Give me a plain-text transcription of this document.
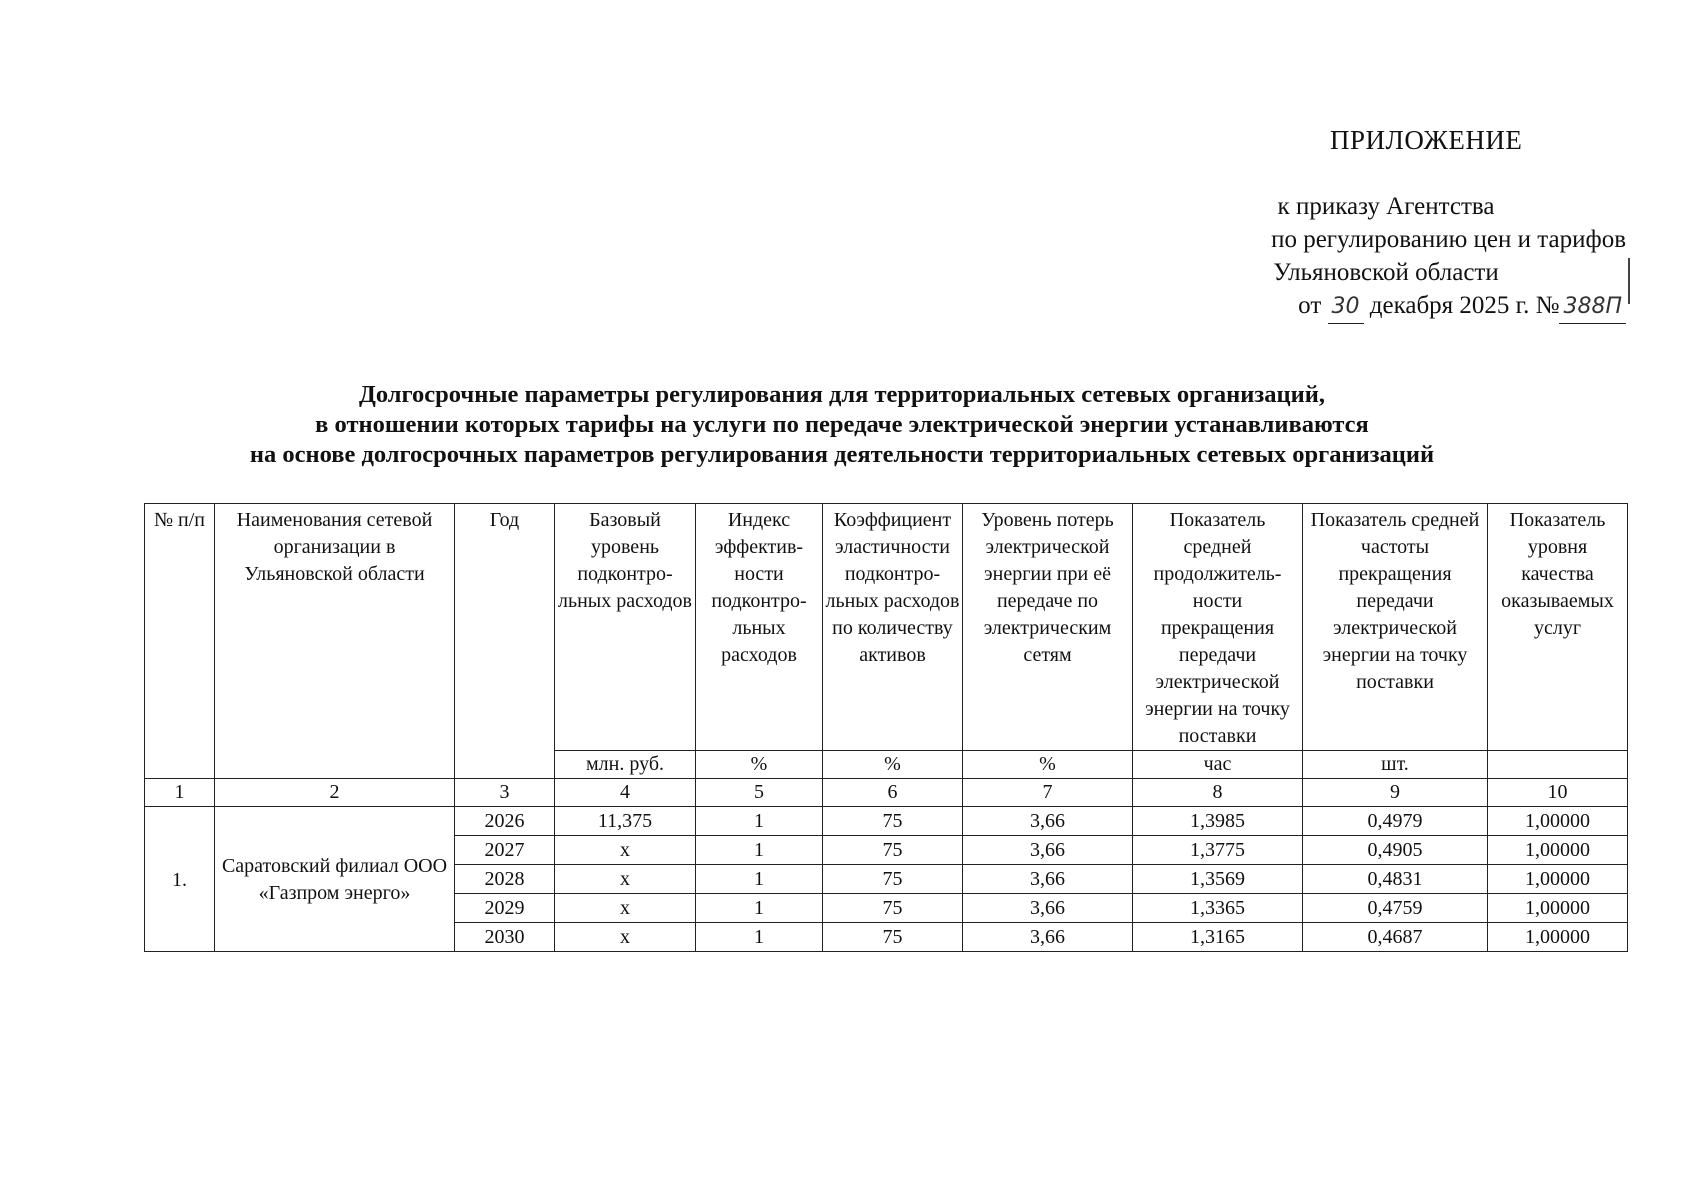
ПРИЛОЖЕНИЕ
к приказу Агентства
по регулированию цен и тарифов
Ульяновской области
от 30 декабря 2025 г. № 388П
Долгосрочные параметры регулирования для территориальных сетевых организаций,
в отношении которых тарифы на услуги по передаче электрической энергии устанавливаются
на основе долгосрочных параметров регулирования деятельности территориальных сетевых организаций
№ п/п	Наименования сетевой организации в Ульяновской области	Год	Базовый уровень подконтро-льных расходов	Индекс эффектив-ности подконтро-льных расходов	Коэффициент эластичности подконтро-льных расходов по количеству активов	Уровень потерь электрической энергии при её передаче по электрическим сетям	Показатель средней продолжитель-ности прекращения передачи электрической энергии на точку поставки	Показатель средней частоты прекращения передачи электрической энергии на точку поставки	Показатель уровня качества оказываемых услуг
			млн. руб.	%	%	%	час	шт.	
1	2	3	4	5	6	7	8	9	10
1.	Саратовский филиал ООО «Газпром энерго»	2026	11,375	1	75	3,66	1,3985	0,4979	1,00000
		2027	x	1	75	3,66	1,3775	0,4905	1,00000
		2028	x	1	75	3,66	1,3569	0,4831	1,00000
		2029	x	1	75	3,66	1,3365	0,4759	1,00000
		2030	x	1	75	3,66	1,3165	0,4687	1,00000
